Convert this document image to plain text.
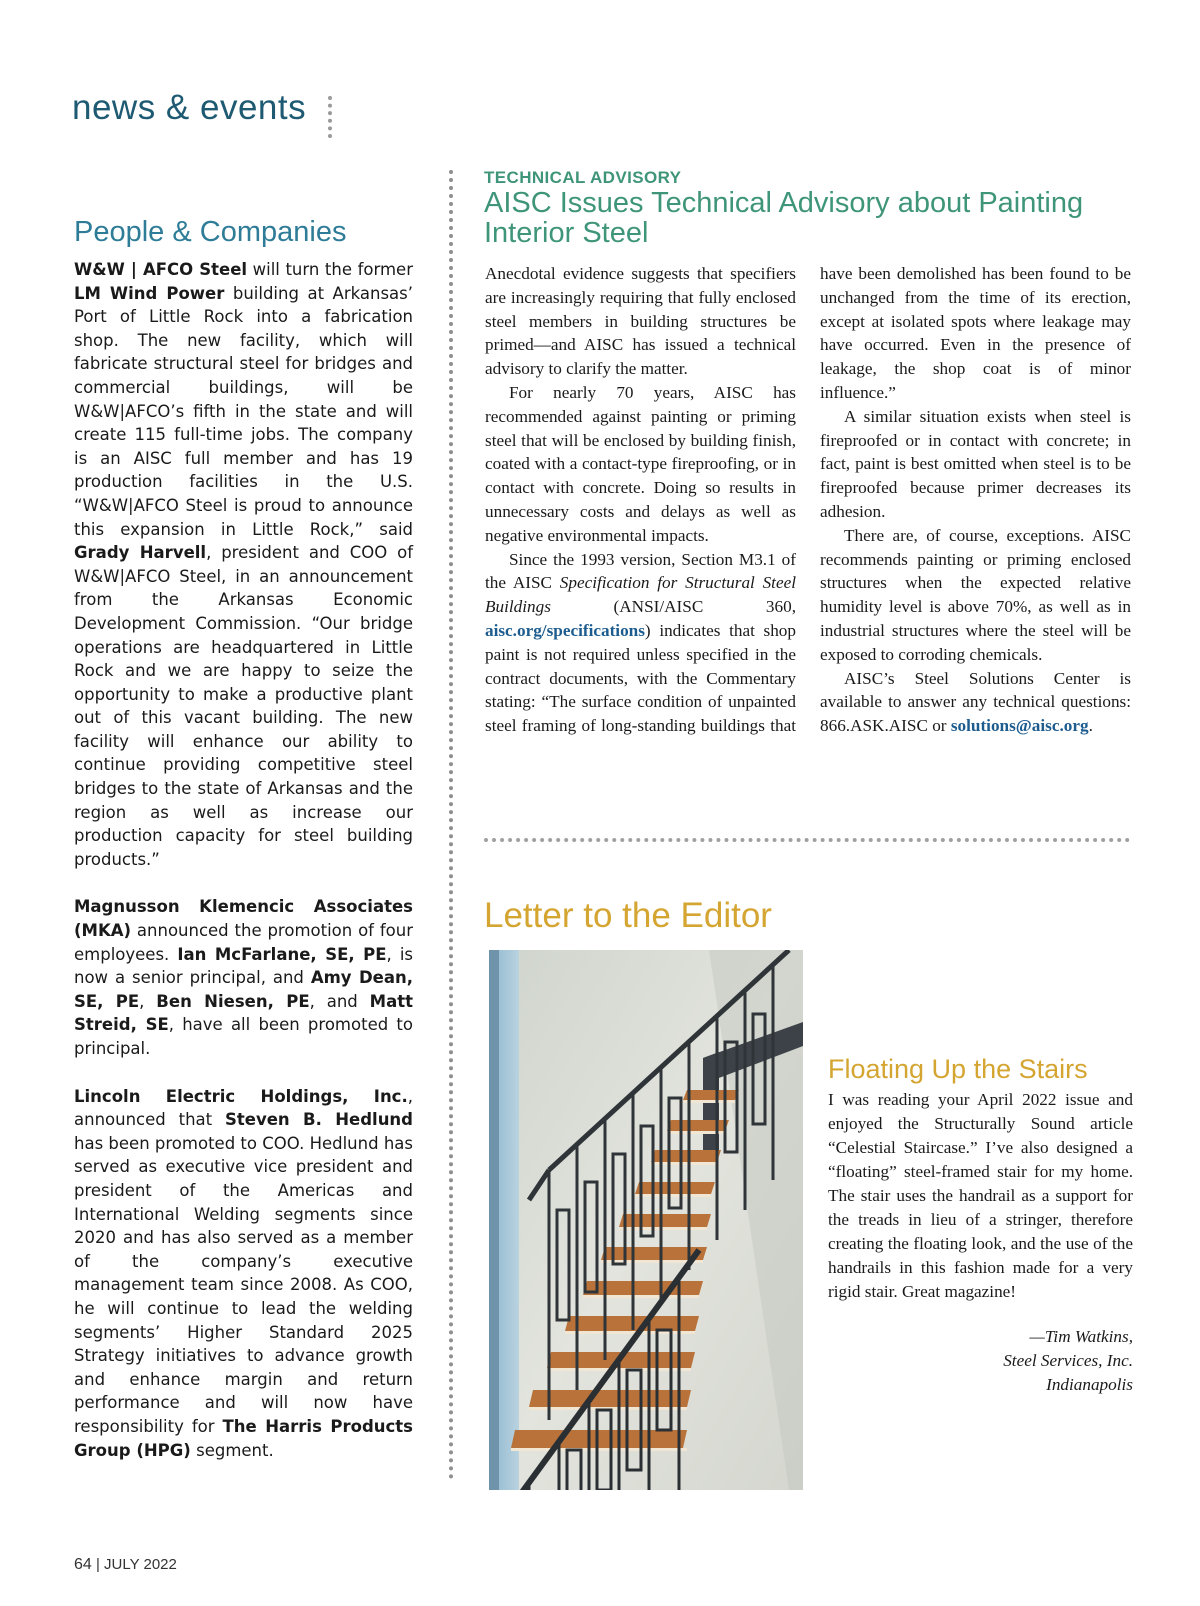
news & events
People & Companies

W&W | AFCO Steel will turn the former LM Wind Power building at Arkansas’ Port of Little Rock into a fabrication shop. The new facility, which will fabricate structural steel for bridges and commercial buildings, will be W&W|AFCO’s fifth in the state and will create 115 full-time jobs. The company is an AISC full member and has 19 production facilities in the U.S. “W&W|AFCO Steel is proud to announce this expansion in Little Rock,” said Grady Harvell, president and COO of W&W|AFCO Steel, in an announcement from the Arkansas Economic Development Commission. “Our bridge operations are headquartered in Little Rock and we are happy to seize the opportunity to make a productive plant out of this vacant building. The new facility will enhance our ability to continue providing competitive steel bridges to the state of Arkansas and the region as well as increase our production capacity for steel building products.”

Magnusson Klemencic Associates (MKA) announced the promotion of four employees. Ian McFarlane, SE, PE, is now a senior principal, and Amy Dean, SE, PE, Ben Niesen, PE, and Matt Streid, SE, have all been promoted to principal.

Lincoln Electric Holdings, Inc., announced that Steven B. Hedlund has been promoted to COO. Hedlund has served as executive vice president and president of the Americas and International Welding segments since 2020 and has also served as a member of the company’s executive management team since 2008. As COO, he will continue to lead the welding segments’ Higher Standard 2025 Strategy initiatives to advance growth and enhance margin and return performance and will now have responsibility for The Harris Products Group (HPG) segment.

TECHNICAL ADVISORY
AISC Issues Technical Advisory about Painting Interior Steel

Anecdotal evidence suggests that specifiers are increasingly requiring that fully enclosed steel members in building structures be primed—and AISC has issued a technical advisory to clarify the matter.

For nearly 70 years, AISC has recommended against painting or priming steel that will be enclosed by building finish, coated with a contact-type fireproofing, or in contact with concrete. Doing so results in unnecessary costs and delays as well as negative environmental impacts.

Since the 1993 version, Section M3.1 of the AISC Specification for Structural Steel Buildings (ANSI/AISC 360, aisc.org/specifications) indicates that shop paint is not required unless specified in the contract documents, with the Commentary stating: “The surface condition of unpainted steel framing of long-standing buildings that have been demolished has been found to be unchanged from the time of its erection, except at isolated spots where leakage may have occurred. Even in the presence of leakage, the shop coat is of minor influence.”

A similar situation exists when steel is fireproofed or in contact with concrete; in fact, paint is best omitted when steel is to be fireproofed because primer decreases its adhesion.

There are, of course, exceptions. AISC recommends painting or priming enclosed structures when the expected relative humidity level is above 70%, as well as in industrial structures where the steel will be exposed to corroding chemicals.

AISC’s Steel Solutions Center is available to answer any technical questions: 866.ASK.AISC or solutions@aisc.org.

Letter to the Editor
Floating Up the Stairs

I was reading your April 2022 issue and enjoyed the Structurally Sound article “Celestial Staircase.” I’ve also designed a “floating” steel-framed stair for my home. The stair uses the handrail as a support for the treads in lieu of a stringer, therefore creating the floating look, and the use of the handrails in this fashion made for a very rigid stair. Great magazine!

—Tim Watkins,
Steel Services, Inc.
Indianapolis
64 | JULY 2022
